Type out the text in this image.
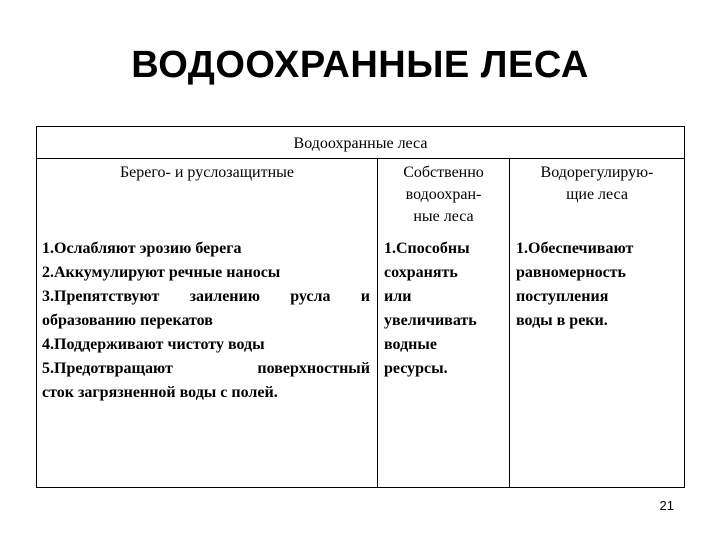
ВОДООХРАННЫЕ ЛЕСА
Водоохранные леса
Берего- и руслозащитные	Собственно
водоохран-
ные леса
Водорегулирую-
щие леса
1.Ослабляют эрозию берега
2.Аккумулируют речные наносы
3.Препятствуют заилению русла и
образованию перекатов
4.Поддерживают чистоту воды
5.Предотвращают поверхностный
сток загрязненной воды с полей.
1.Способны
сохранять
или
увеличивать
водные
ресурсы.
1.Обеспечивают
равномерность
поступления
воды в реки.
21
